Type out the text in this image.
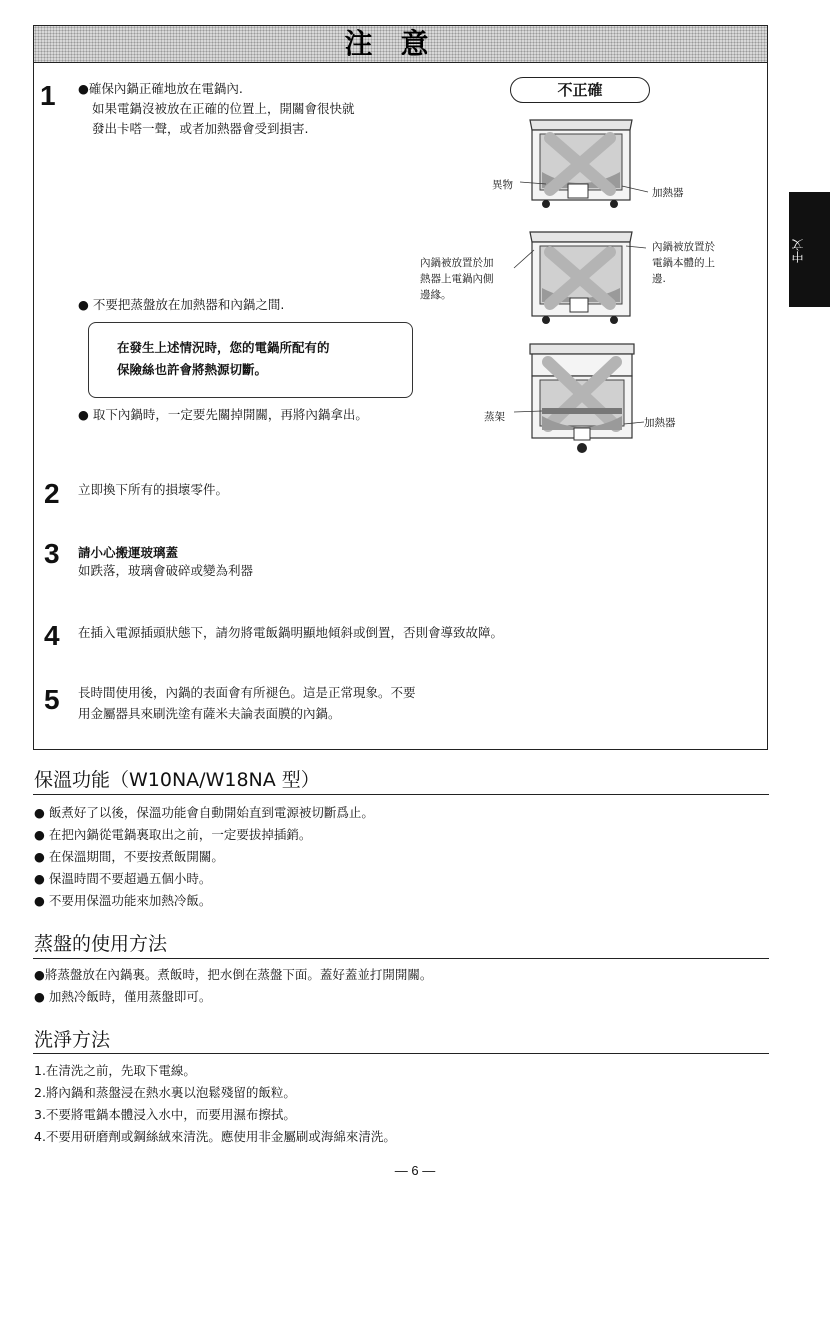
注意
1 ●確保內鍋正確地放在電鍋內.
如果電鍋沒被放在正確的位置上，開關會很快就
發出卡嗒一聲，或者加熱器會受到損害.
● 不要把蒸盤放在加熱器和內鍋之間.
在發生上述情況時，您的電鍋所配有的
保險絲也許會將熱源切斷。
● 取下內鍋時，一定要先關掉開關，再將內鍋拿出。
不正確
異物
加熱器
內鍋被放置於加
熱器上電鍋內側
邊緣。
內鍋被放置於
電鍋本體的上
邊.
蒸架	加熱器
2 立即換下所有的損壞零件。
3 請小心搬運玻璃蓋
如跌落，玻璃會破碎或變為利器
4 在插入電源插頭狀態下，請勿將電飯鍋明顯地傾斜或倒置，否則會導致故障。
5 長時間使用後，內鍋的表面會有所褪色。這是正常現象。不要
用金屬器具來刷洗塗有薩米夫論表面膜的內鍋。
保溫功能（W10NA/W18NA 型）
● 飯煮好了以後，保溫功能會自動開始直到電源被切斷爲止。
● 在把內鍋從電鍋裏取出之前，一定要拔掉插銷。
● 在保溫期間，不要按煮飯開關。
● 保溫時間不要超過五個小時。
● 不要用保溫功能來加熱冷飯。
蒸盤的使用方法
●將蒸盤放在內鍋裏。煮飯時，把水倒在蒸盤下面。蓋好蓋並打開開關。
● 加熱冷飯時，僅用蒸盤即可。
洗淨方法
1.在清洗之前，先取下電線。
2.將內鍋和蒸盤浸在熱水裏以泡鬆殘留的飯粒。
3.不要將電鍋本體浸入水中，而要用濕布擦拭。
4.不要用研磨劑或鋼絲絨來清洗。應使用非金屬刷或海綿來清洗。
中文
— 6 —
